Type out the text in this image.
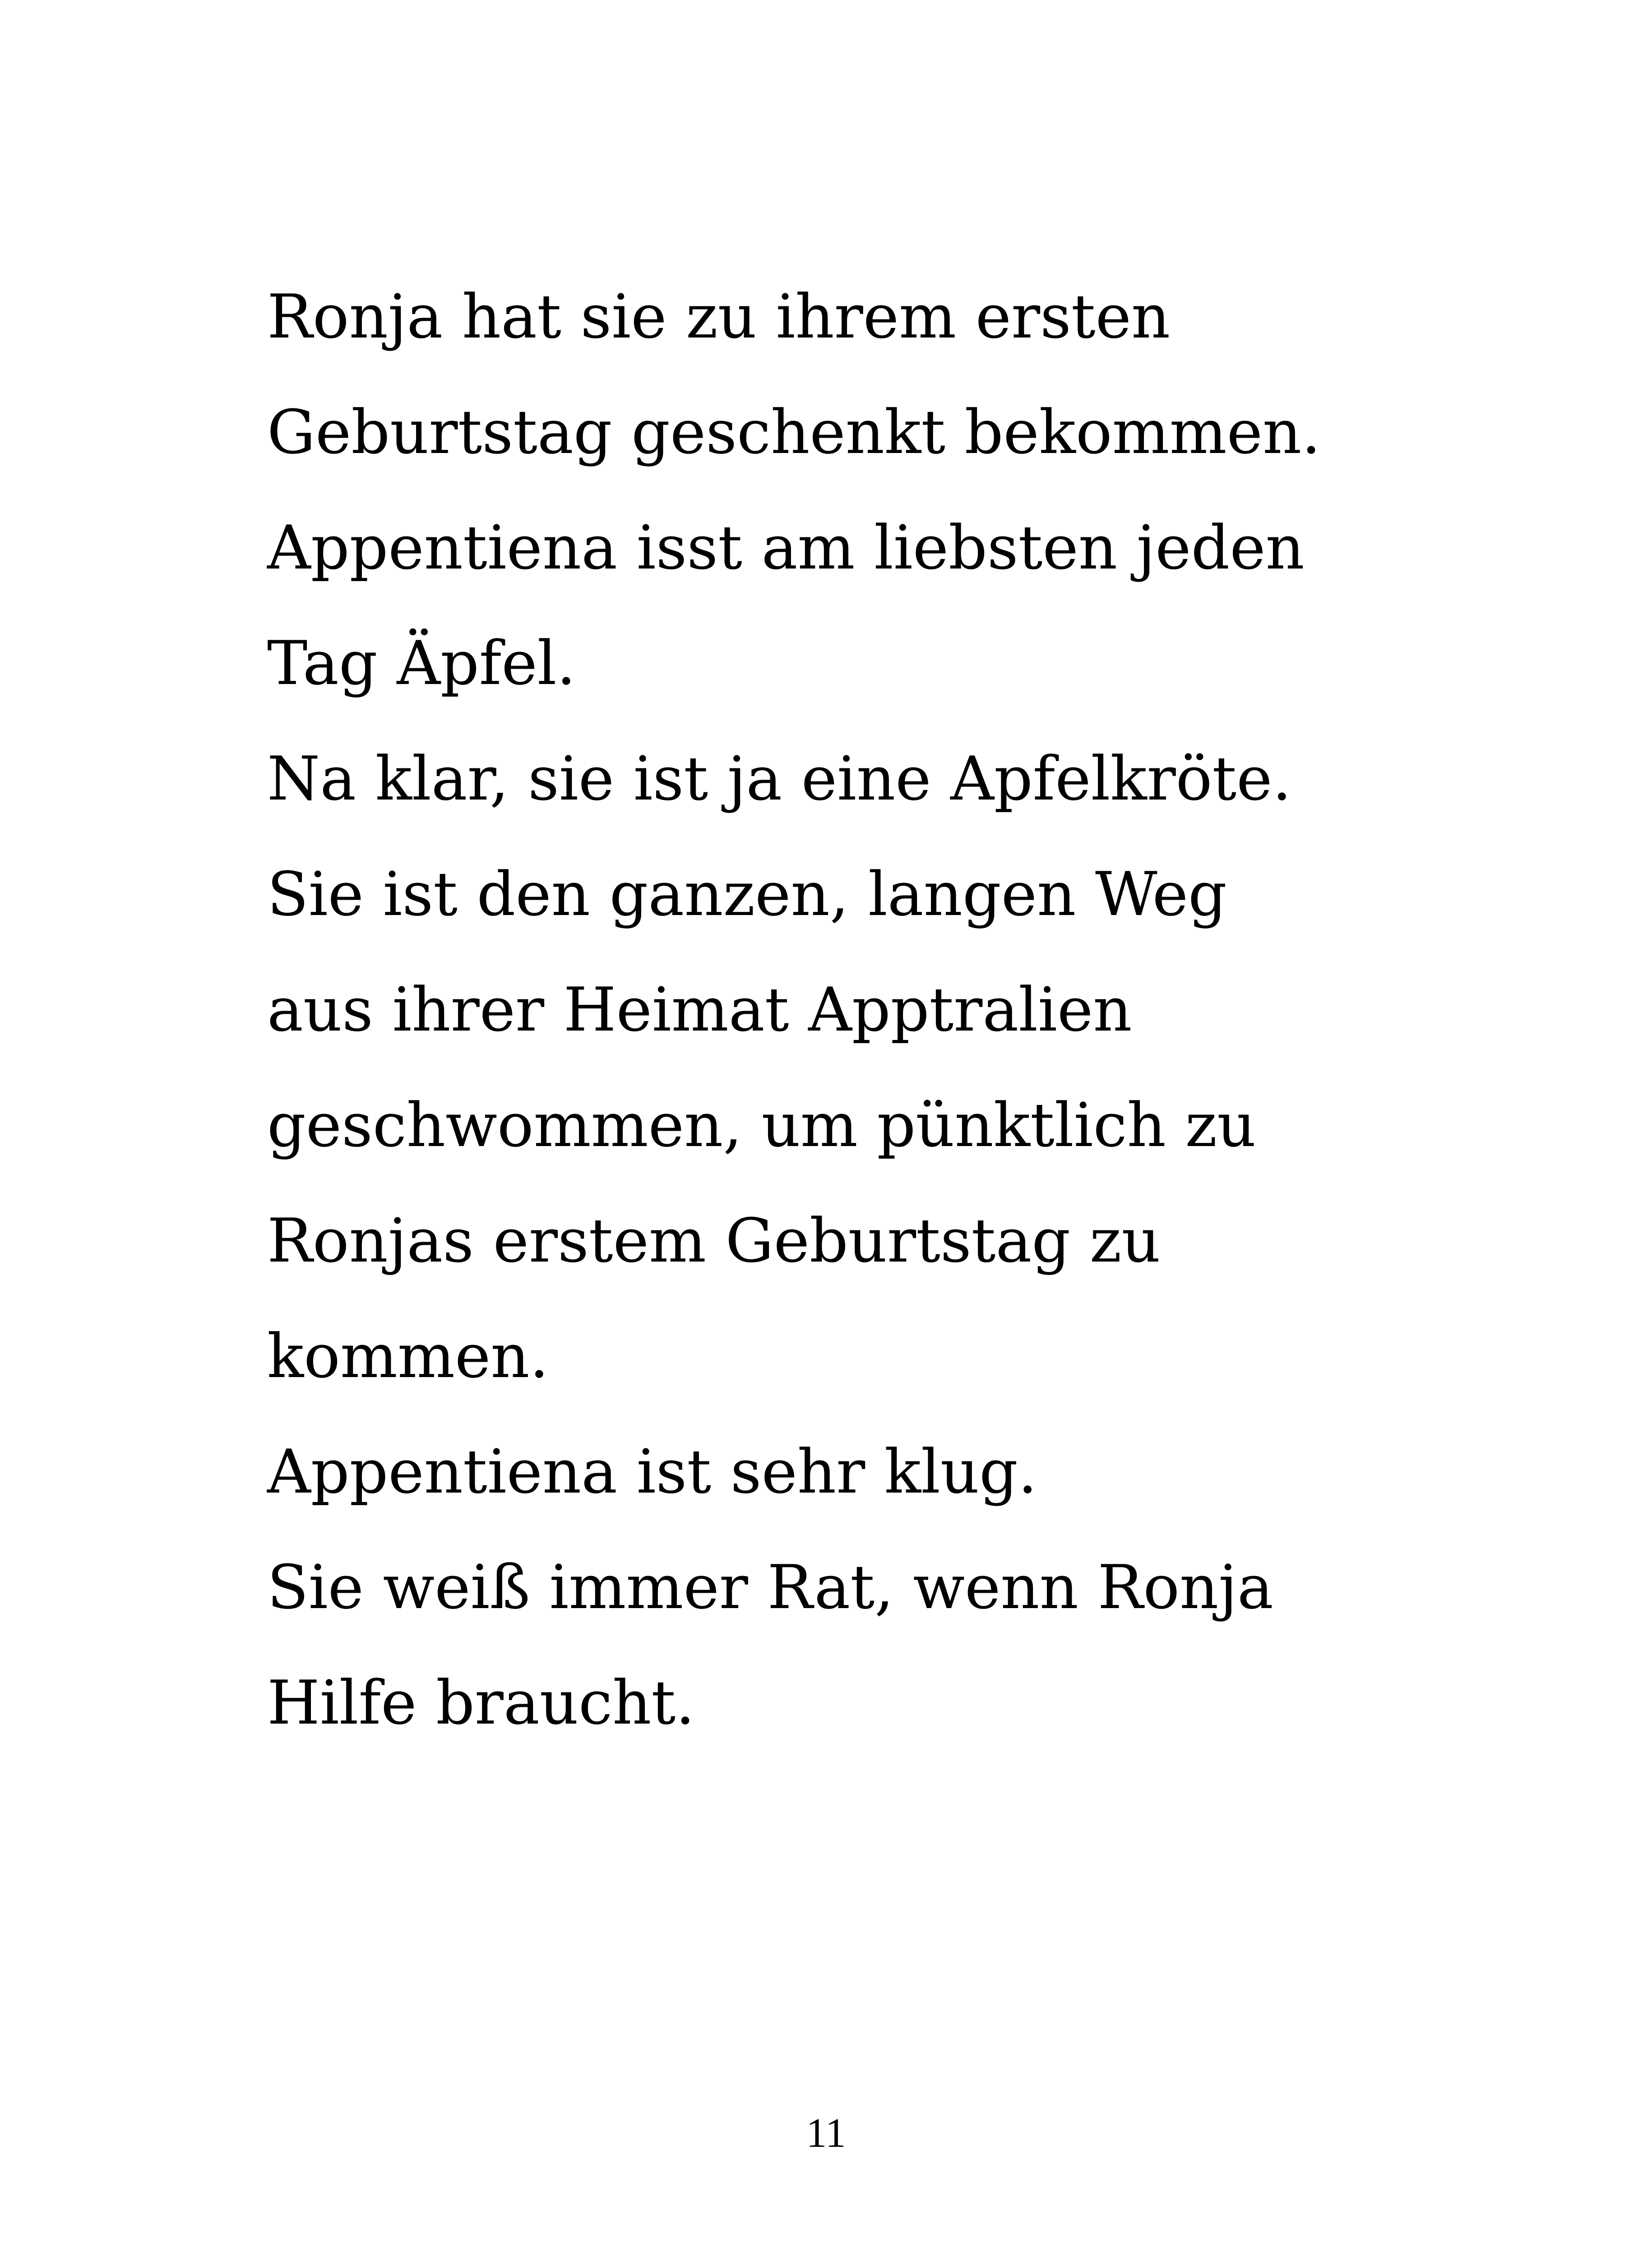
Ronja hat sie zu ihrem ersten
Geburtstag geschenkt bekommen.
Appentiena isst am liebsten jeden
Tag Äpfel.
Na klar, sie ist ja eine Apfelkröte.
Sie ist den ganzen, langen Weg
aus ihrer Heimat Apptralien
geschwommen, um pünktlich zu
Ronjas erstem Geburtstag zu
kommen.
Appentiena ist sehr klug.
Sie weiß immer Rat, wenn Ronja
Hilfe braucht.
11
